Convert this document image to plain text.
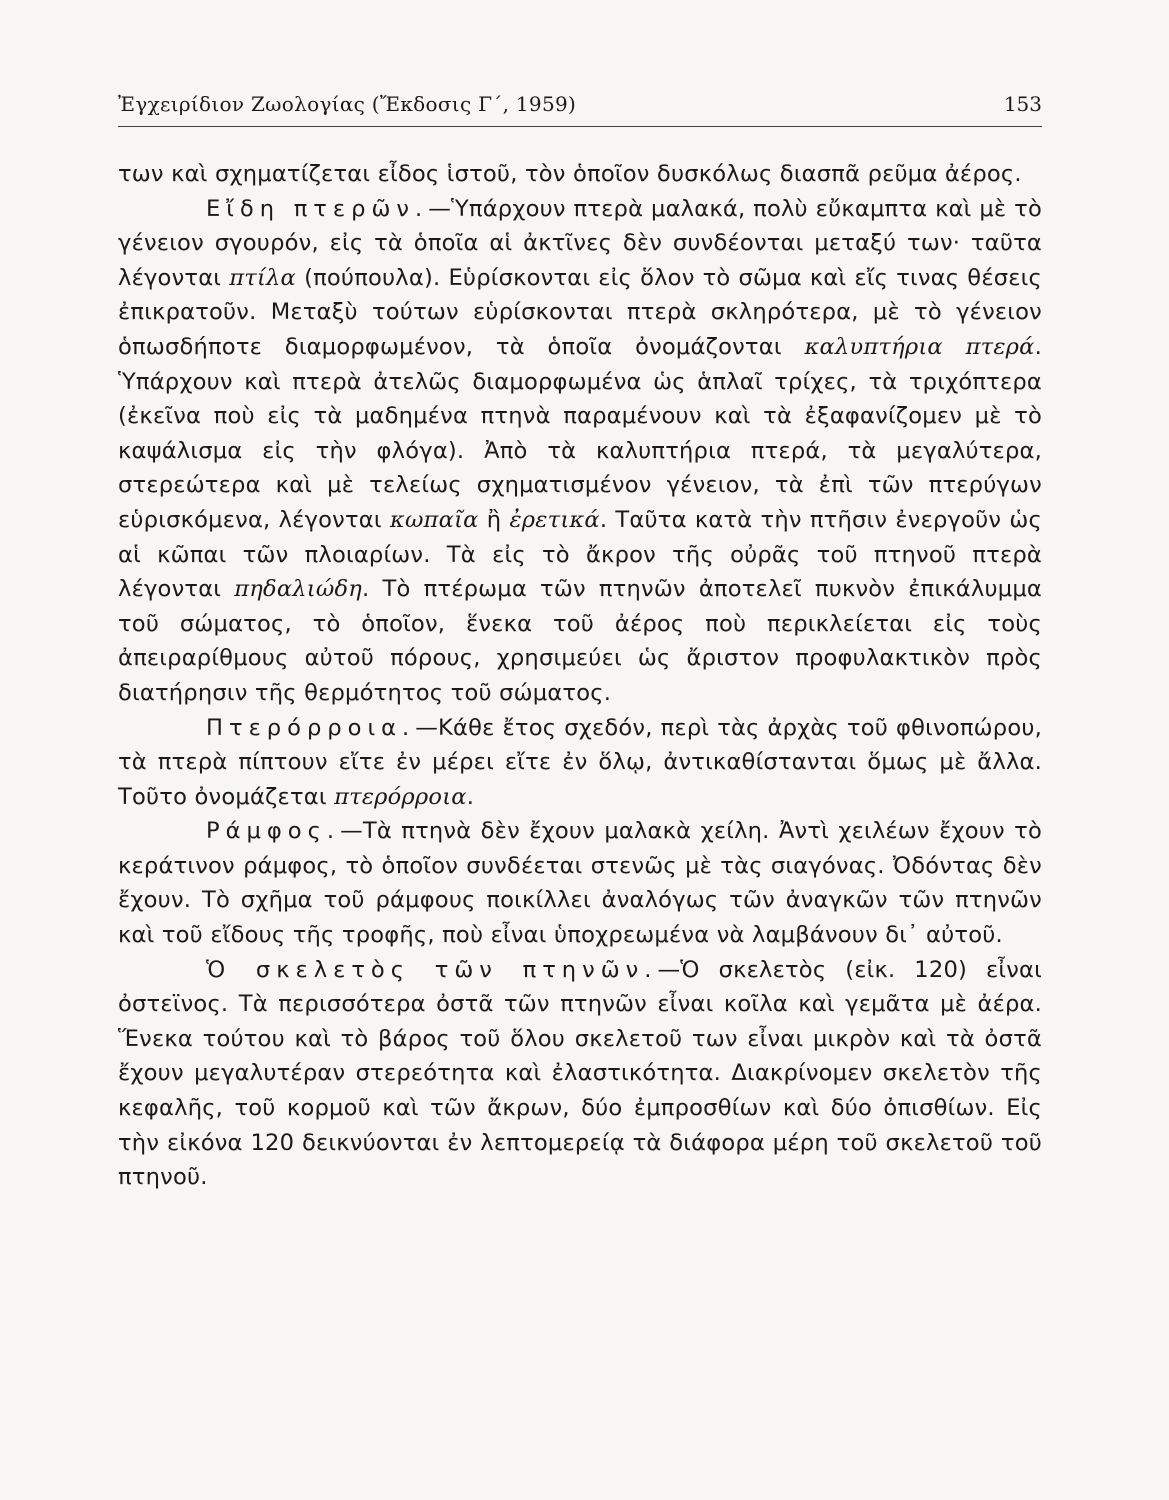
Ἐγχειρίδιον Ζωολογίας (Ἔκδοσις Γ΄, 1959)	153

των καὶ σχηματίζεται εἶδος ἱστοῦ, τὸν ὁποῖον δυσκόλως διασπᾶ ρεῦμα ἀέρος.

Εἴδη πτερῶν.—Ὑπάρχουν πτερὰ μαλακά, πολὺ εὔκαμπτα καὶ μὲ τὸ γένειον σγουρόν, εἰς τὰ ὁποῖα αἱ ἀκτῖνες δὲν συνδέονται μεταξύ των· ταῦτα λέγονται πτίλα (πούπουλα). Εὑρίσκονται εἰς ὅλον τὸ σῶμα καὶ εἴς τινας θέσεις ἐπικρατοῦν. Μεταξὺ τούτων εὑρίσκονται πτερὰ σκληρότερα, μὲ τὸ γένειον ὁπωσδήποτε διαμορφωμένον, τὰ ὁποῖα ὀνομάζονται καλυπτήρια πτερά. Ὑπάρχουν καὶ πτερὰ ἀτελῶς διαμορφωμένα ὡς ἁπλαῖ τρίχες, τὰ τριχόπτερα (ἐκεῖνα ποὺ εἰς τὰ μαδημένα πτηνὰ παραμένουν καὶ τὰ ἐξαφανίζομεν μὲ τὸ καψάλισμα εἰς τὴν φλόγα). Ἀπὸ τὰ καλυπτήρια πτερά, τὰ μεγαλύτερα, στερεώτερα καὶ μὲ τελείως σχηματισμένον γένειον, τὰ ἐπὶ τῶν πτερύγων εὑρισκόμενα, λέγονται κωπαῖα ἢ ἐρετικά. Ταῦτα κατὰ τὴν πτῆσιν ἐνεργοῦν ὡς αἱ κῶπαι τῶν πλοιαρίων. Τὰ εἰς τὸ ἄκρον τῆς οὐρᾶς τοῦ πτηνοῦ πτερὰ λέγονται πηδαλιώδη. Τὸ πτέρωμα τῶν πτηνῶν ἀποτελεῖ πυκνὸν ἐπικάλυμμα τοῦ σώματος, τὸ ὁποῖον, ἕνεκα τοῦ ἀέρος ποὺ περικλείεται εἰς τοὺς ἀπειραρίθμους αὐτοῦ πόρους, χρησιμεύει ὡς ἄριστον προφυλακτικὸν πρὸς διατήρησιν τῆς θερμότητος τοῦ σώματος.

Πτερόρροια.—Κάθε ἔτος σχεδόν, περὶ τὰς ἀρχὰς τοῦ φθινοπώρου, τὰ πτερὰ πίπτουν εἴτε ἐν μέρει εἴτε ἐν ὅλῳ, ἀντικαθίστανται ὅμως μὲ ἄλλα. Τοῦτο ὀνομάζεται πτερόρροια.

Ράμφος.—Τὰ πτηνὰ δὲν ἔχουν μαλακὰ χείλη. Ἀντὶ χειλέων ἔχουν τὸ κεράτινον ράμφος, τὸ ὁποῖον συνδέεται στενῶς μὲ τὰς σιαγόνας. Ὀδόντας δὲν ἔχουν. Τὸ σχῆμα τοῦ ράμφους ποικίλλει ἀναλόγως τῶν ἀναγκῶν τῶν πτηνῶν καὶ τοῦ εἴδους τῆς τροφῆς, ποὺ εἶναι ὑποχρεωμένα νὰ λαμβάνουν δι᾿ αὐτοῦ.

Ὁ σκελετὸς τῶν πτηνῶν.—Ὁ σκελετὸς (εἰκ. 120) εἶναι ὀστεϊνος. Τὰ περισσότερα ὀστᾶ τῶν πτηνῶν εἶναι κοῖλα καὶ γεμᾶτα μὲ ἀέρα. Ἕνεκα τούτου καὶ τὸ βάρος τοῦ ὅλου σκελετοῦ των εἶναι μικρὸν καὶ τὰ ὀστᾶ ἔχουν μεγαλυτέραν στερεότητα καὶ ἐλαστικότητα. Διακρίνομεν σκελετὸν τῆς κεφαλῆς, τοῦ κορμοῦ καὶ τῶν ἄκρων, δύο ἐμπροσθίων καὶ δύο ὀπισθίων. Εἰς τὴν εἰκόνα 120 δεικνύονται ἐν λεπτομερείᾳ τὰ διάφορα μέρη τοῦ σκελετοῦ τοῦ πτηνοῦ.
